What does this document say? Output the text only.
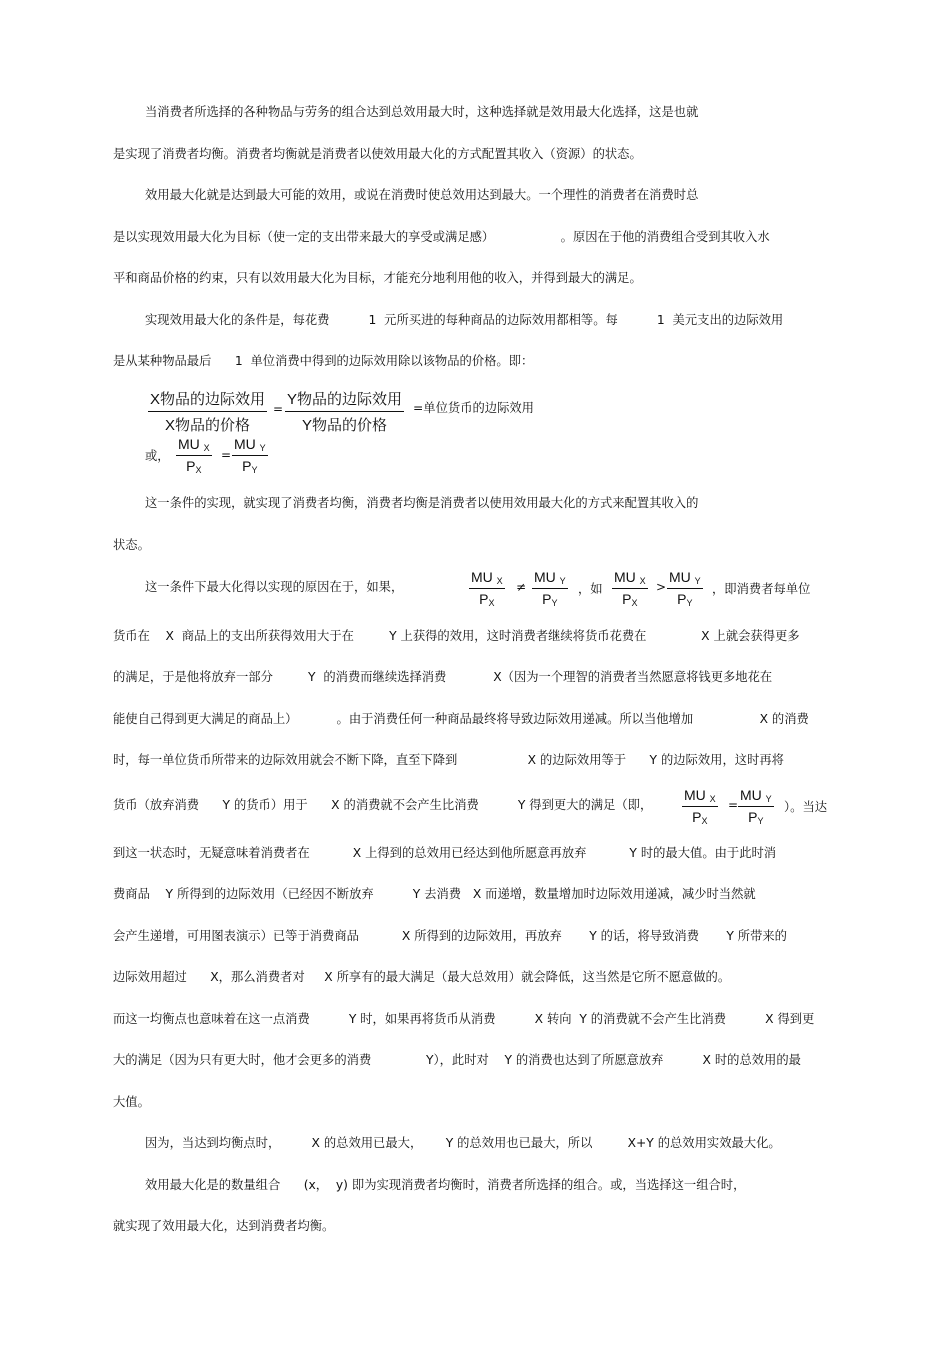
当消费者所选择的各种物品与劳务的组合达到总效用最大时，这种选择就是效用最大化选择，这是也就
是实现了消费者均衡。消费者均衡就是消费者以使效用最大化的方式配置其收入（资源）的状态。
效用最大化就是达到最大可能的效用，或说在消费时使总效用达到最大。一个理性的消费者在消费时总
是以实现效用最大化为目标（使一定的支出带来最大的享受或满足感）                 。原因在于他的消费组合受到其收入水
平和商品价格的约束，只有以效用最大化为目标，才能充分地利用他的收入，并得到最大的满足。
实现效用最大化的条件是，每花费          1  元所买进的每种商品的边际效用都相等。每          1  美元支出的边际效用
是从某种物品最后      1  单位消费中得到的边际效用除以该物品的价格。即：
X物品的边际效用
X物品的价格
=
Y物品的边际效用
Y物品的价格
=单位货币的边际效用
或，
MU $_X$
$P_X$
=
MU $_Y$
$P_Y$
这一条件的实现，就实现了消费者均衡，消费者均衡是消费者以使用效用最大化的方式来配置其收入的
状态。
这一条件下最大化得以实现的原因在于，如果，
MU $_X$
$P_X$
≠
MU $_Y$
$P_Y$
，如
MU $_X$
$P_X$
>
MU $_Y$
$P_Y$
，即消费者每单位
货币在    X  商品上的支出所获得效用大于在         Y 上获得的效用，这时消费者继续将货币花费在              X 上就会获得更多
的满足，于是他将放弃一部分         Y  的消费而继续选择消费            X（因为一个理智的消费者当然愿意将钱更多地花在
能使自己得到更大满足的商品上）          。由于消费任何一种商品最终将导致边际效用递减。所以当他增加                 X 的消费
时，每一单位货币所带来的边际效用就会不断下降，直至下降到                  X 的边际效用等于      Y 的边际效用，这时再将
货币（放弃消费      Y 的货币）用于      X 的消费就不会产生比消费          Y 得到更大的满足（即，
MU $_X$
$P_X$
=
MU $_Y$
$P_Y$
）。当达
到这一状态时，无疑意味着消费者在           X 上得到的总效用已经达到他所愿意再放弃           Y 时的最大值。由于此时消
费商品    Y 所得到的边际效用（已经因不断放弃          Y 去消费   X 而递增，数量增加时边际效用递减，减少时当然就
会产生递增，可用图表演示）已等于消费商品           X 所得到的边际效用，再放弃       Y 的话，将导致消费       Y 所带来的
边际效用超过      X，那么消费者对     X 所享有的最大满足（最大总效用）就会降低，这当然是它所不愿意做的。
而这一均衡点也意味着在这一点消费          Y 时，如果再将货币从消费          X 转向  Y 的消费就不会产生比消费          X 得到更
大的满足（因为只有更大时，他才会更多的消费              Y），此时对    Y 的消费也达到了所愿意放弃          X 时的总效用的最
大值。
因为，当达到均衡点时，        X 的总效用已最大，      Y 的总效用也已最大，所以         X+Y 的总效用实效最大化。
效用最大化是的数量组合      (x，  y) 即为实现消费者均衡时，消费者所选择的组合。或，当选择这一组合时，
就实现了效用最大化，达到消费者均衡。
